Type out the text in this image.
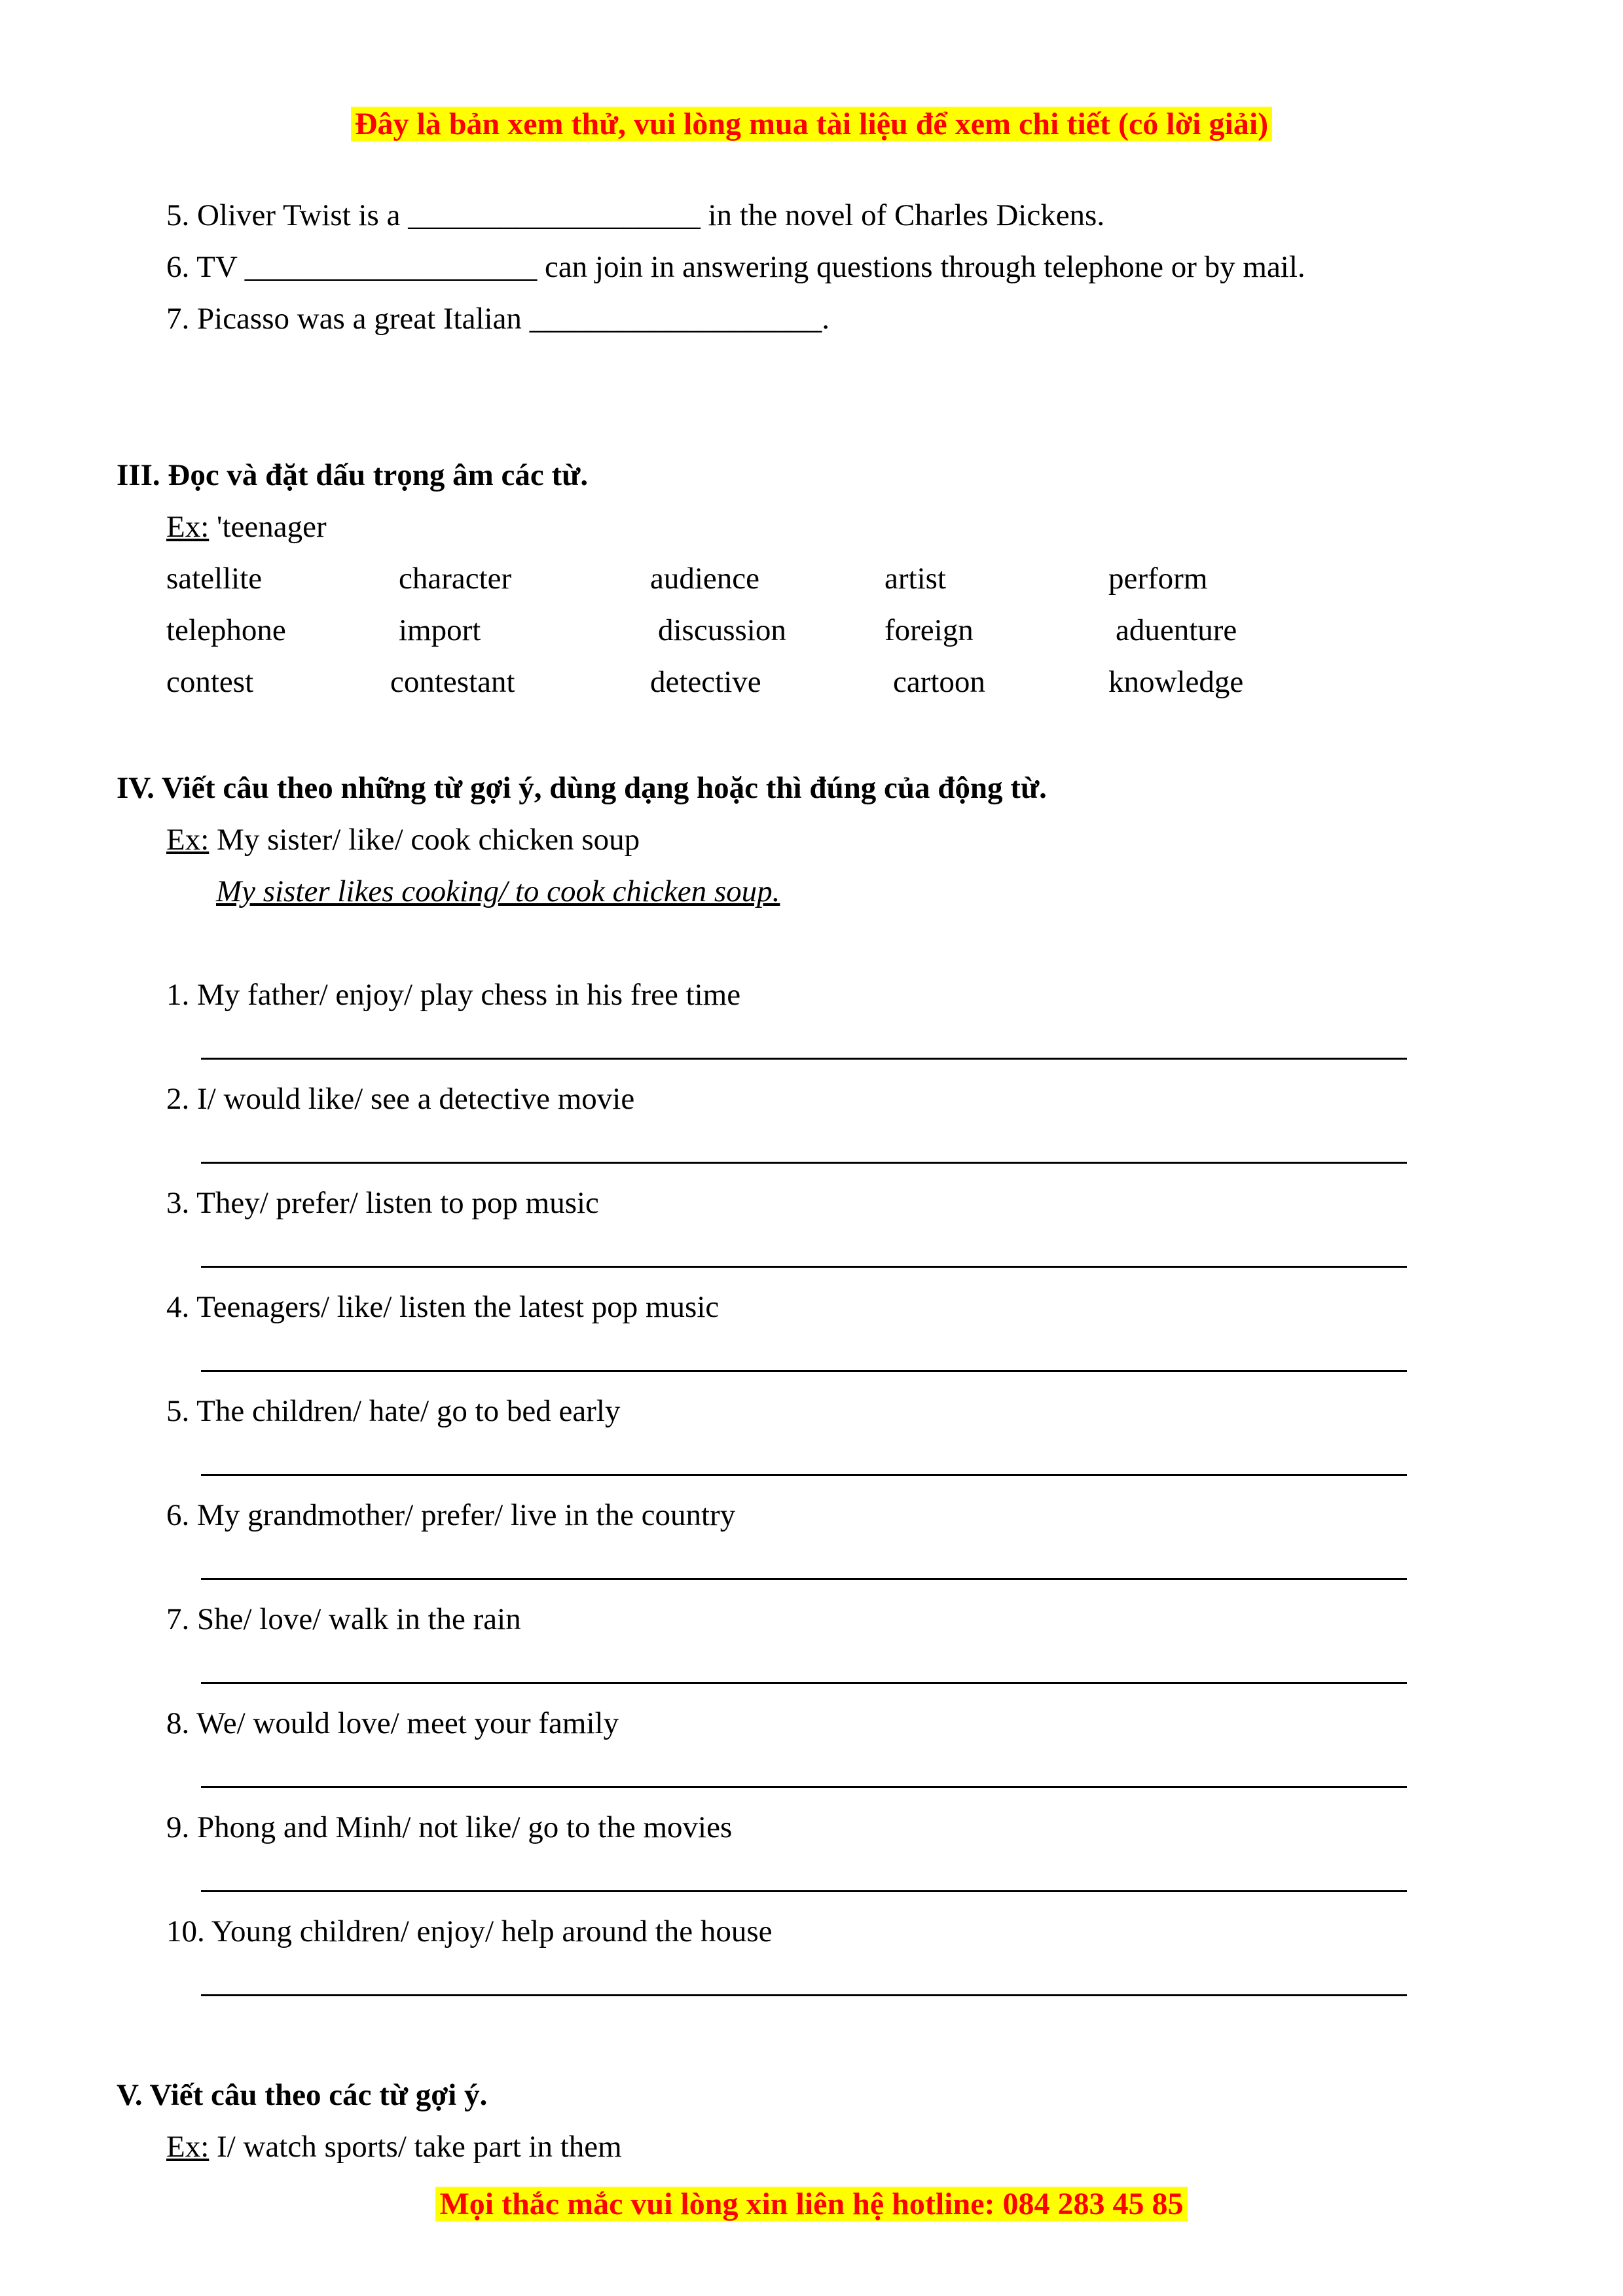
Đây là bản xem thử, vui lòng mua tài liệu để xem chi tiết (có lời giải)
5. Oliver Twist is a ___________________ in the novel of Charles Dickens.
6. TV ___________________ can join in answering questions through telephone or by mail.
7. Picasso was a great Italian ___________________.
III. Đọc và đặt dấu trọng âm các từ.
Ex: 'teenager
satellite	character	audience	artist	perform
telephone	import	discussion	foreign	aduenture
contest	contestant	detective	cartoon	knowledge
IV. Viết câu theo những từ gợi ý, dùng dạng hoặc thì đúng của động từ.
Ex: My sister/ like/ cook chicken soup
My sister likes cooking/ to cook chicken soup.
1. My father/ enjoy/ play chess in his free time
2. I/ would like/ see a detective movie
3. They/ prefer/ listen to pop music
4. Teenagers/ like/ listen the latest pop music
5. The children/ hate/ go to bed early
6. My grandmother/ prefer/ live in the country
7. She/ love/ walk in the rain
8. We/ would love/ meet your family
9. Phong and Minh/ not like/ go to the movies
10. Young children/ enjoy/ help around the house
V. Viết câu theo các từ gợi ý.
Ex: I/ watch sports/ take part in them
Mọi thắc mắc vui lòng xin liên hệ hotline: 084 283 45 85
